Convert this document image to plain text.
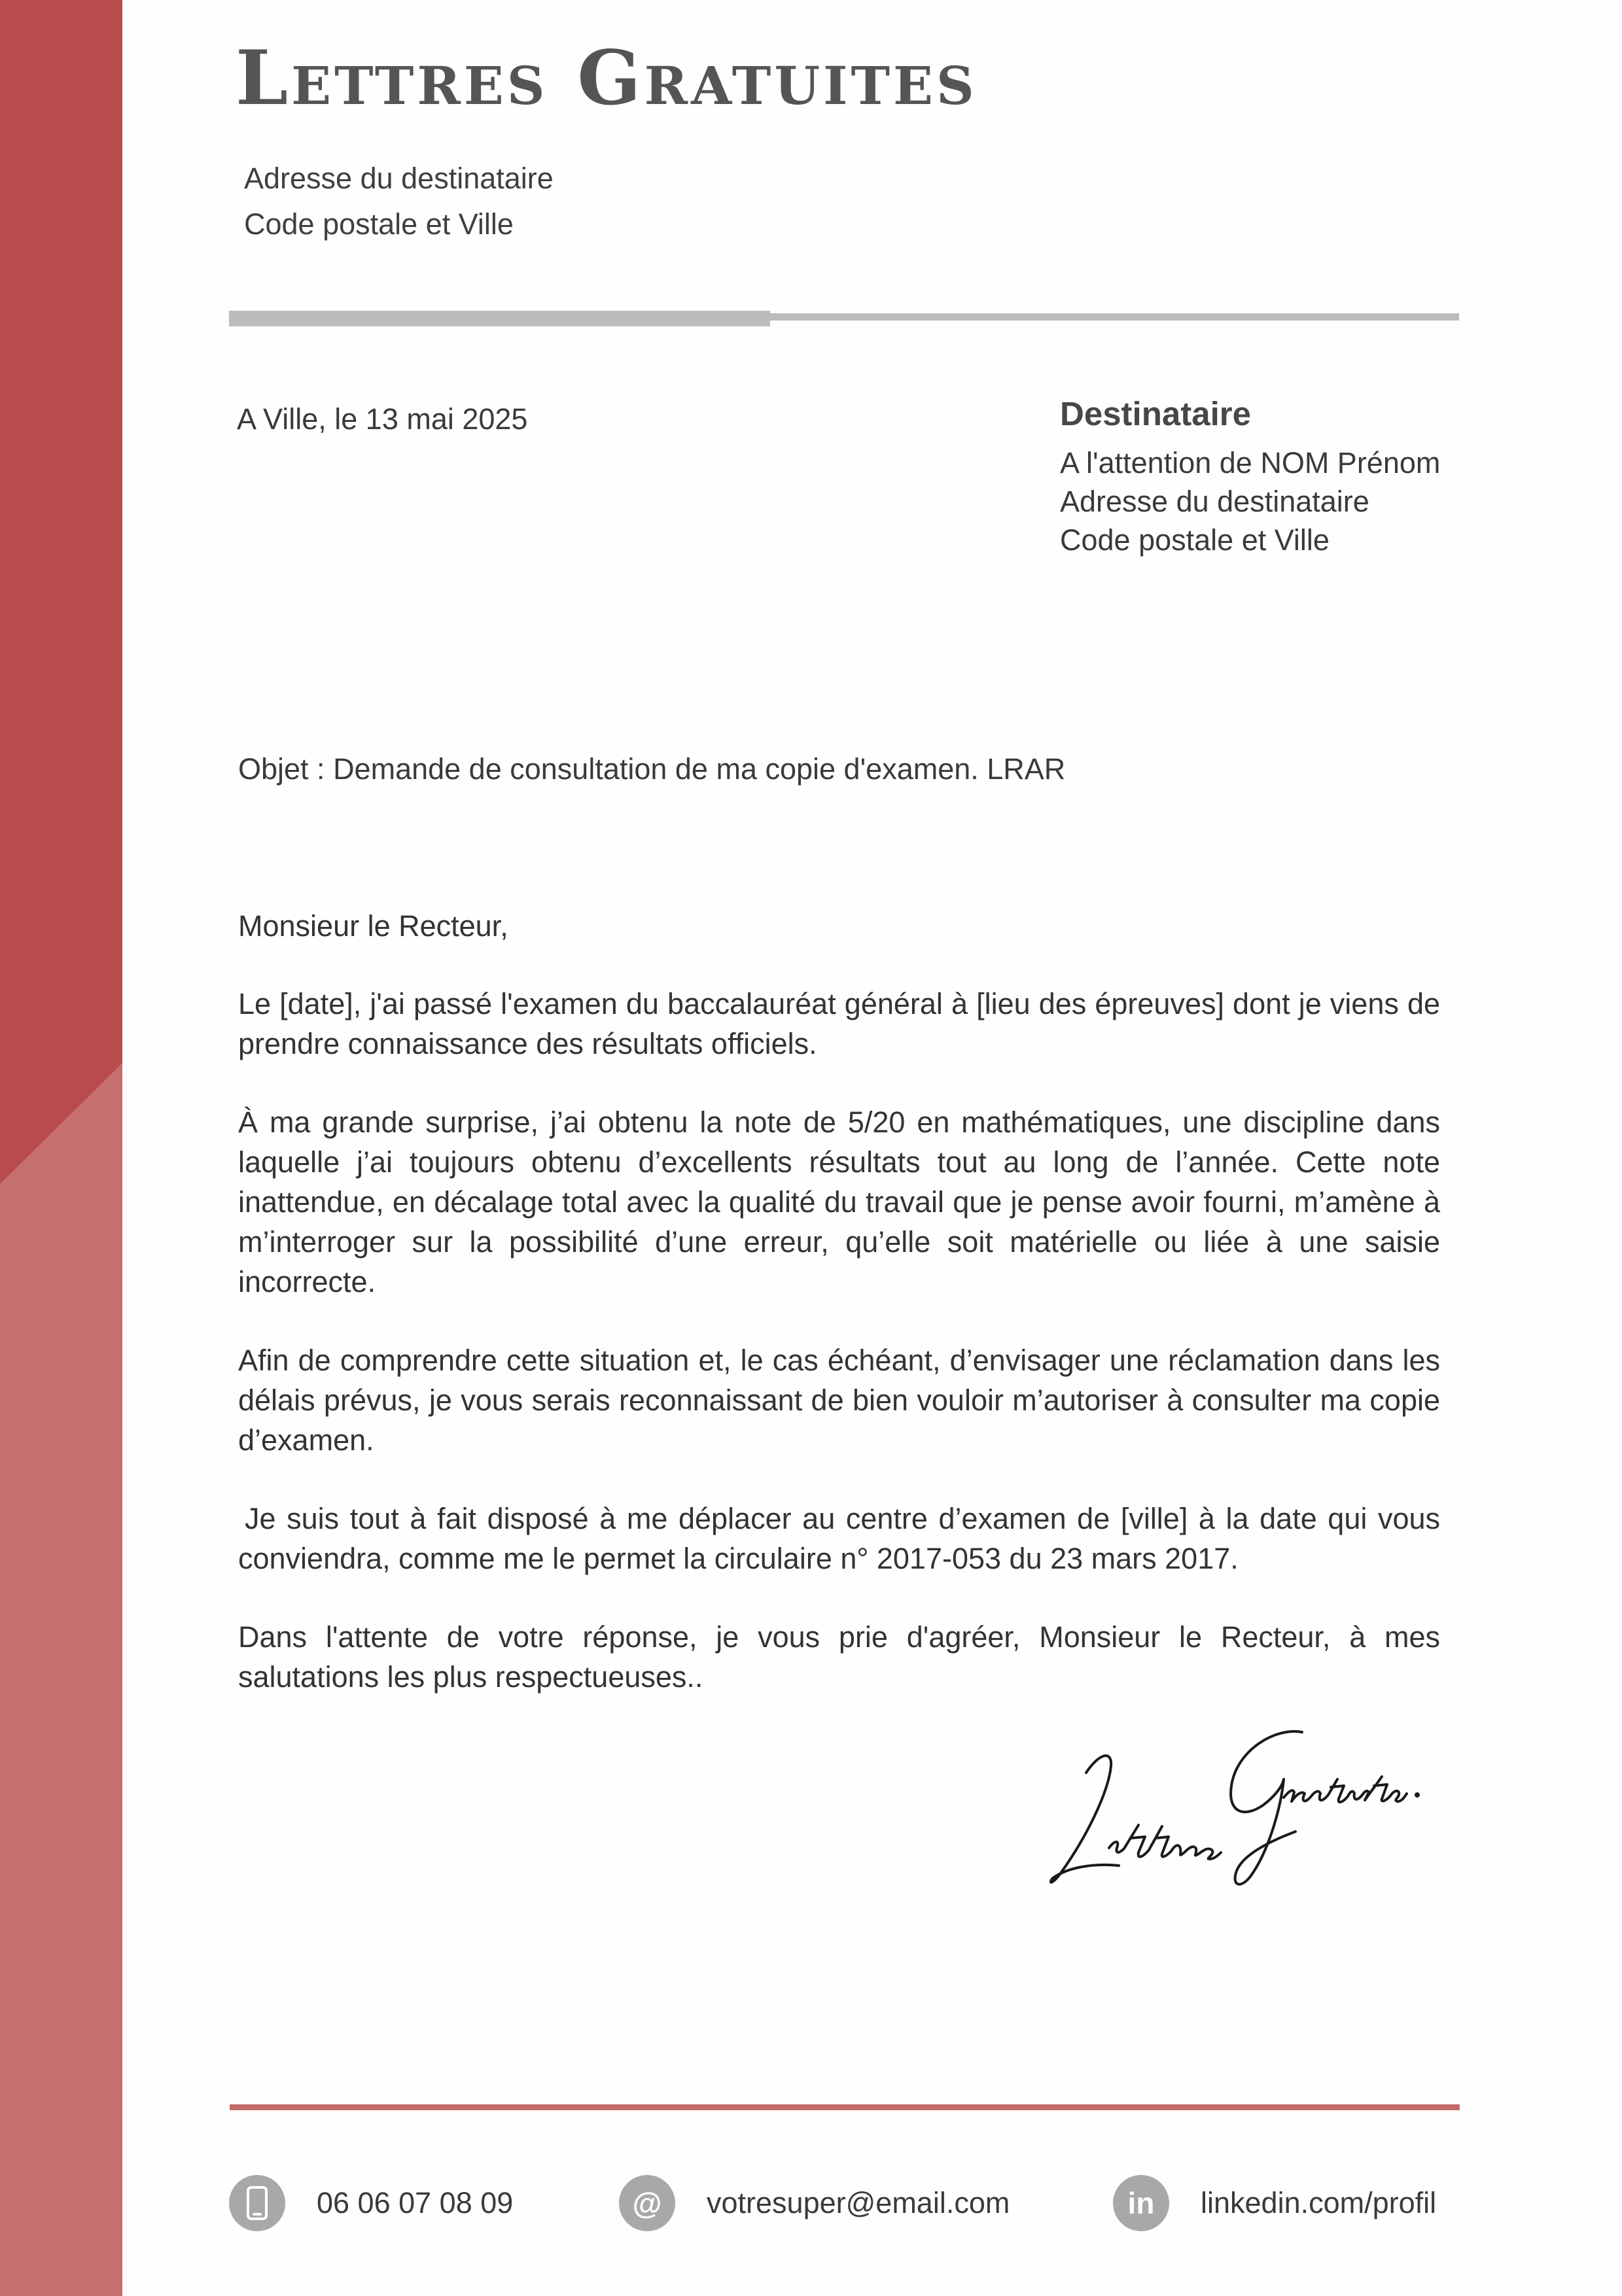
Lettres Gratuites
Adresse du destinataire
Code postale et Ville
A Ville, le 13 mai 2025	Destinataire
A l'attention de NOM Prénom
Adresse du destinataire
Code postale et Ville
Objet : Demande de consultation de ma copie d'examen. LRAR

Monsieur le Recteur,

Le [date], j'ai passé l'examen du baccalauréat général à [lieu des épreuves] dont je viens de prendre connaissance des résultats officiels.

À ma grande surprise, j’ai obtenu la note de 5/20 en mathématiques, une discipline dans laquelle j’ai toujours obtenu d’excellents résultats tout au long de l’année. Cette note inattendue, en décalage total avec la qualité du travail que je pense avoir fourni, m’amène à m’interroger sur la possibilité d’une erreur, qu’elle soit matérielle ou liée à une saisie incorrecte.

Afin de comprendre cette situation et, le cas échéant, d’envisager une réclamation dans les délais prévus, je vous serais reconnaissant de bien vouloir m’autoriser à consulter ma copie d’examen.

Je suis tout à fait disposé à me déplacer au centre d’examen de [ville] à la date qui vous conviendra, comme me le permet la circulaire n° 2017-053 du 23 mars 2017.

Dans l'attente de votre réponse, je vous prie d'agréer, Monsieur le Recteur, à mes salutations les plus respectueuses..

06 06 07 08 09	@	votresuper@email.com	in	linkedin.com/profil
